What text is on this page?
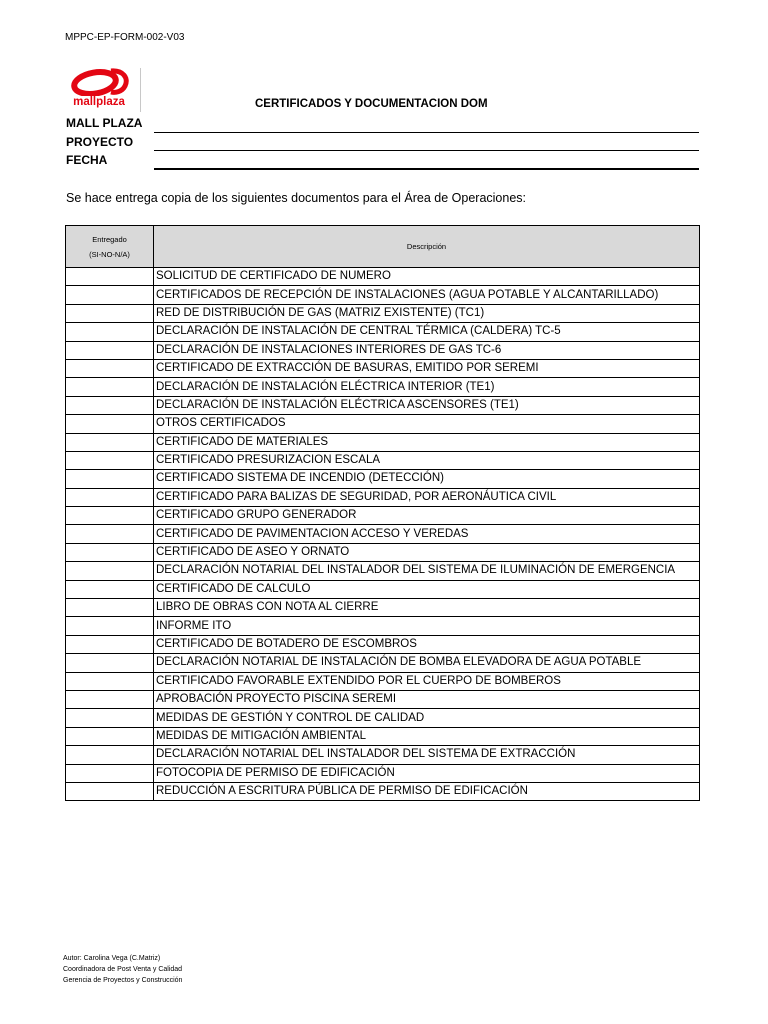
MPPC-EP-FORM-002-V03
mallplaza	CERTIFICADOS Y DOCUMENTACION DOM
MALL PLAZA
PROYECTO
FECHA
Se hace entrega copia de los siguientes documentos para el Área de Operaciones:
Entregado
(SI-NO-N/A)	Descripción
	SOLICITUD DE CERTIFICADO DE NUMERO
	CERTIFICADOS DE RECEPCIÓN DE INSTALACIONES (AGUA POTABLE Y ALCANTARILLADO)
	RED DE DISTRIBUCIÓN DE GAS (MATRIZ EXISTENTE) (TC1)
	DECLARACIÓN DE INSTALACIÓN DE CENTRAL TÉRMICA (CALDERA) TC-5
	DECLARACIÓN DE INSTALACIONES INTERIORES DE GAS TC-6
	CERTIFICADO DE EXTRACCIÓN DE BASURAS, EMITIDO POR SEREMI
	DECLARACIÓN DE INSTALACIÓN ELÉCTRICA INTERIOR (TE1)
	DECLARACIÓN DE INSTALACIÓN ELÉCTRICA ASCENSORES (TE1)
	OTROS CERTIFICADOS
	CERTIFICADO DE MATERIALES
	CERTIFICADO PRESURIZACION ESCALA
	CERTIFICADO SISTEMA DE INCENDIO (DETECCIÓN)
	CERTIFICADO PARA BALIZAS DE SEGURIDAD, POR AERONÁUTICA CIVIL
	CERTIFICADO GRUPO GENERADOR
	CERTIFICADO DE PAVIMENTACION ACCESO Y VEREDAS
	CERTIFICADO DE ASEO Y ORNATO
	DECLARACIÓN NOTARIAL DEL INSTALADOR DEL SISTEMA DE ILUMINACIÓN DE EMERGENCIA
	CERTIFICADO DE CALCULO
	LIBRO DE OBRAS CON NOTA AL CIERRE
	INFORME ITO
	CERTIFICADO DE BOTADERO DE ESCOMBROS
	DECLARACIÓN NOTARIAL DE INSTALACIÓN DE BOMBA ELEVADORA DE AGUA POTABLE
	CERTIFICADO FAVORABLE EXTENDIDO POR EL CUERPO DE BOMBEROS
	APROBACIÓN PROYECTO PISCINA SEREMI
	MEDIDAS DE GESTIÓN Y CONTROL DE CALIDAD
	MEDIDAS DE MITIGACIÓN AMBIENTAL
	DECLARACIÓN NOTARIAL DEL INSTALADOR DEL SISTEMA DE EXTRACCIÓN
	FOTOCOPIA DE PERMISO DE EDIFICACIÓN
	REDUCCIÓN A ESCRITURA PÚBLICA DE PERMISO DE EDIFICACIÓN
Autor: Carolina Vega (C.Matriz)
Coordinadora de Post Venta y Calidad
Gerencia de Proyectos y Construcción
